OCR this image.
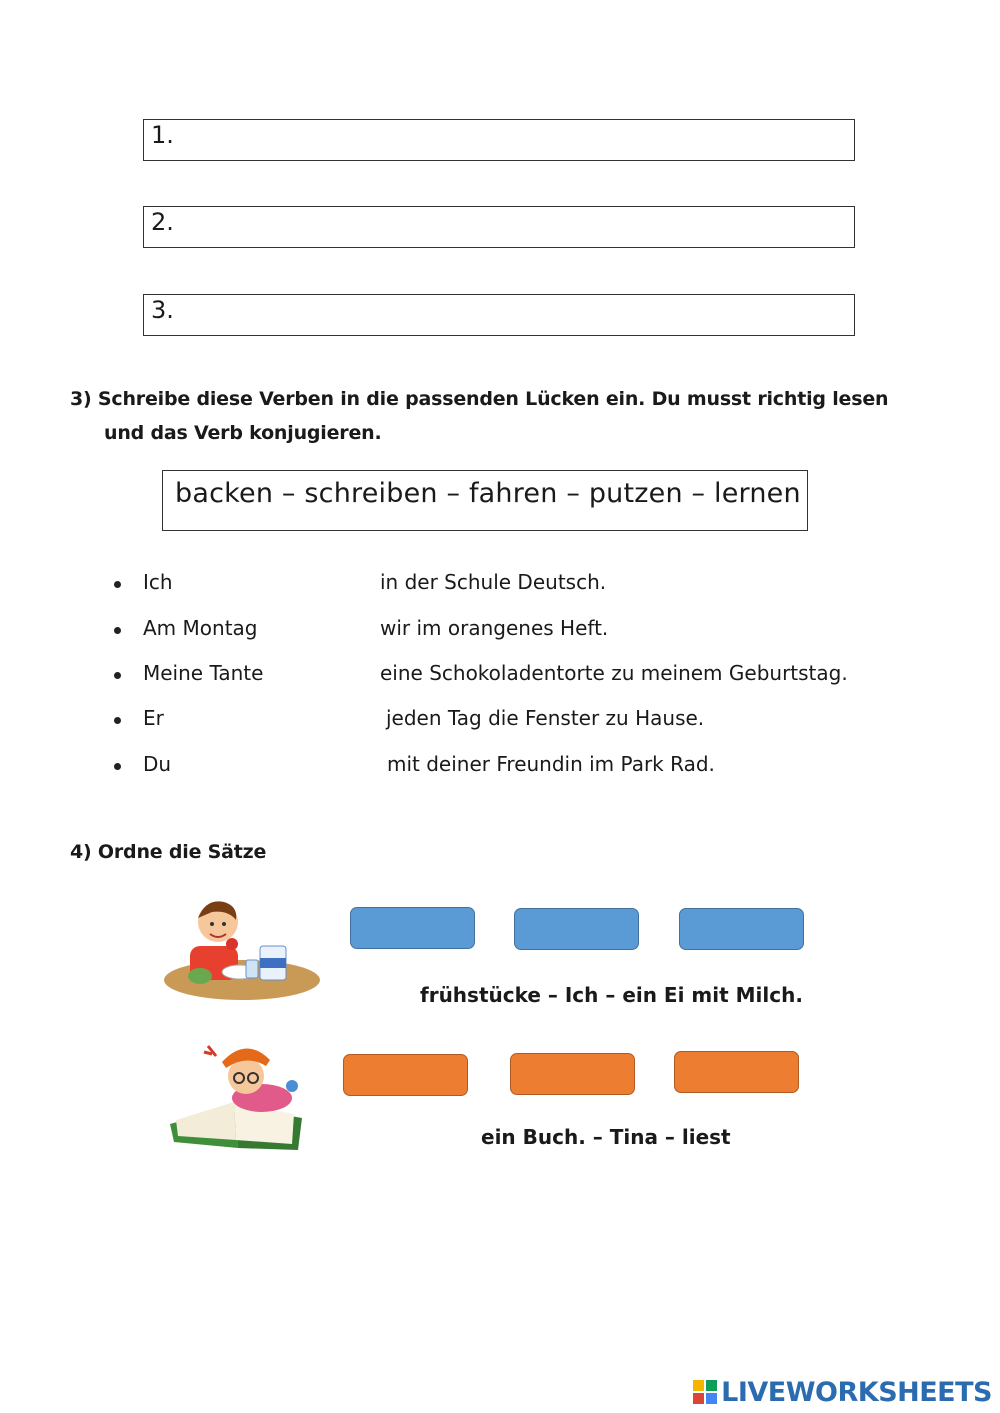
1.
2.
3.
3) Schreibe diese Verben in die passenden Lücken ein. Du musst richtig lesen
und das Verb konjugieren.
backen – schreiben – fahren – putzen – lernen
Ich	in der Schule Deutsch.
Am Montag	wir im orangenes Heft.
Meine Tante	eine Schokoladentorte zu meinem Geburtstag.
Er	jeden Tag die Fenster zu Hause.
Du	mit deiner Freundin im Park Rad.
4) Ordne die Sätze
frühstücke – Ich – ein Ei mit Milch.
ein Buch. – Tina – liest
LIVEWORKSHEETS
